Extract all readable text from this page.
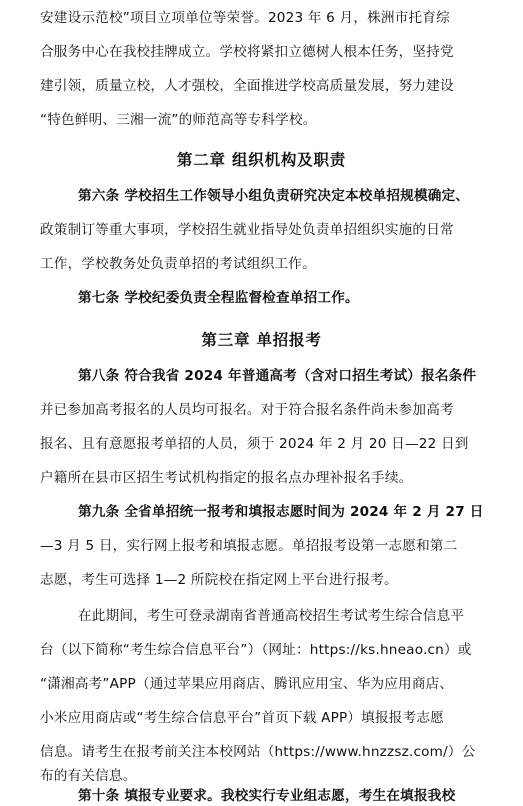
安建设示范校”项目立项单位等荣誉。2023 年 6 月，株洲市托育综
合服务中心在我校挂牌成立。学校将紧扣立德树人根本任务，坚持党
建引领，质量立校，人才强校，全面推进学校高质量发展，努力建设
“特色鲜明、三湘一流”的师范高等专科学校。
第二章 组织机构及职责
第六条 学校招生工作领导小组负责研究决定本校单招规模确定、
政策制订等重大事项，学校招生就业指导处负责单招组织实施的日常
工作，学校教务处负责单招的考试组织工作。
第七条 学校纪委负责全程监督检查单招工作。
第三章 单招报考
第八条 符合我省 2024 年普通高考（含对口招生考试）报名条件
并已参加高考报名的人员均可报名。对于符合报名条件尚未参加高考
报名、且有意愿报考单招的人员，须于 2024 年 2 月 20 日—22 日到
户籍所在县市区招生考试机构指定的报名点办理补报名手续。
第九条 全省单招统一报考和填报志愿时间为 2024 年 2 月 27 日
—3 月 5 日，实行网上报考和填报志愿。单招报考设第一志愿和第二
志愿，考生可选择 1—2 所院校在指定网上平台进行报考。
在此期间，考生可登录湖南省普通高校招生考试考生综合信息平
台（以下简称“考生综合信息平台”）（网址：https://ks.hneao.cn）或
“潇湘高考”APP（通过苹果应用商店、腾讯应用宝、华为应用商店、
小米应用商店或“考生综合信息平台”首页下载 APP）填报报考志愿
信息。请考生在报考前关注本校网站（https://www.hnzzsz.com/）公
布的有关信息。
第十条 填报专业要求。我校实行专业组志愿，考生在填报我校
